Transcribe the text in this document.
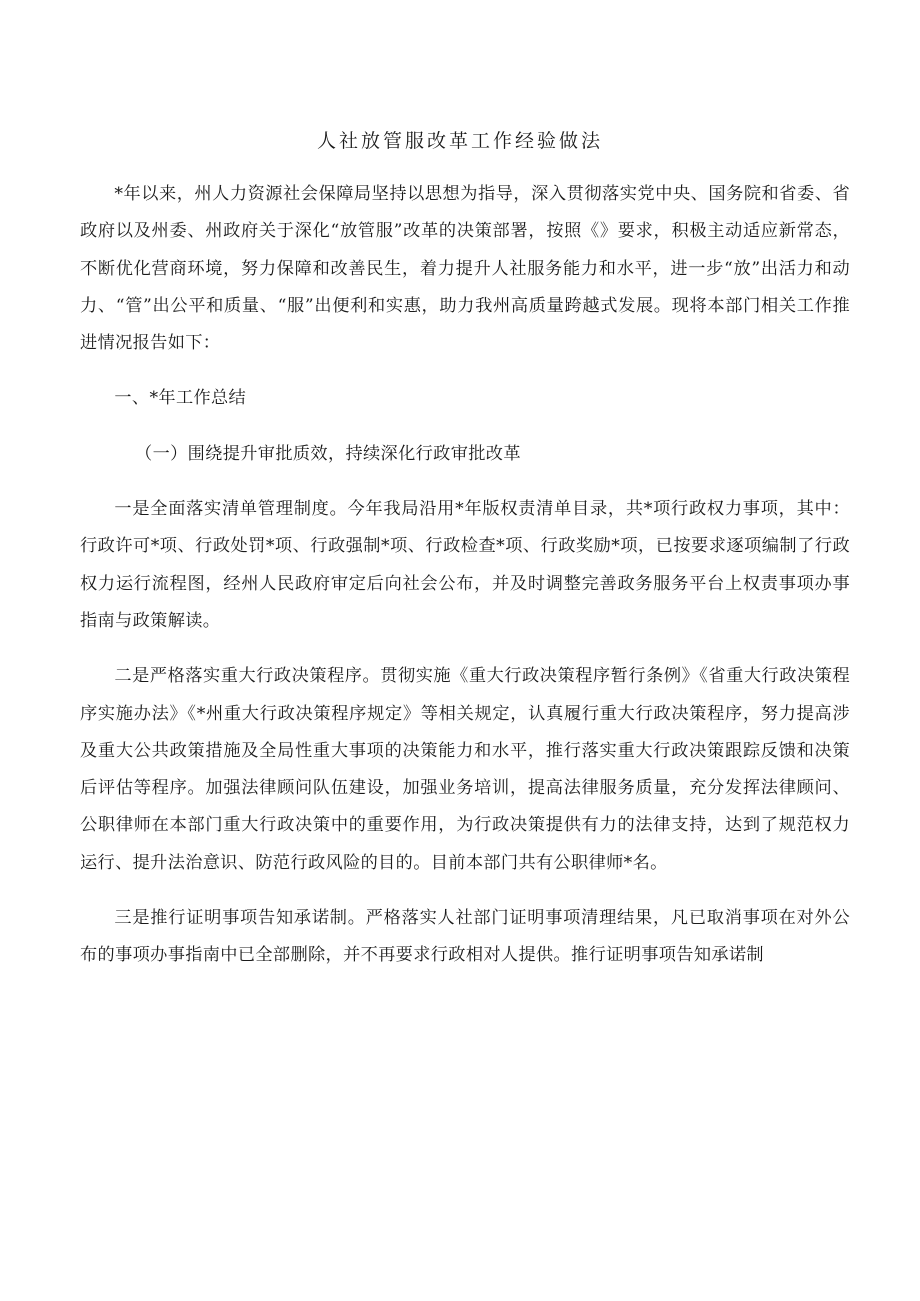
人社放管服改革工作经验做法

*年以来，州人力资源社会保障局坚持以思想为指导，深入贯彻落实党中央、国务院和省委、省政府以及州委、州政府关于深化“放管服”改革的决策部署，按照《》要求，积极主动适应新常态，不断优化营商环境，努力保障和改善民生，着力提升人社服务能力和水平，进一步“放”出活力和动力、“管”出公平和质量、“服”出便利和实惠，助力我州高质量跨越式发展。现将本部门相关工作推进情况报告如下：

一、*年工作总结

（一）围绕提升审批质效，持续深化行政审批改革

一是全面落实清单管理制度。今年我局沿用*年版权责清单目录，共*项行政权力事项，其中：行政许可*项、行政处罚*项、行政强制*项、行政检查*项、行政奖励*项，已按要求逐项编制了行政权力运行流程图，经州人民政府审定后向社会公布，并及时调整完善政务服务平台上权责事项办事指南与政策解读。

二是严格落实重大行政决策程序。贯彻实施《重大行政决策程序暂行条例》《省重大行政决策程序实施办法》《*州重大行政决策程序规定》等相关规定，认真履行重大行政决策程序，努力提高涉及重大公共政策措施及全局性重大事项的决策能力和水平，推行落实重大行政决策跟踪反馈和决策后评估等程序。加强法律顾问队伍建设，加强业务培训，提高法律服务质量，充分发挥法律顾问、公职律师在本部门重大行政决策中的重要作用，为行政决策提供有力的法律支持，达到了规范权力运行、提升法治意识、防范行政风险的目的。目前本部门共有公职律师*名。

三是推行证明事项告知承诺制。严格落实人社部门证明事项清理结果，凡已取消事项在对外公布的事项办事指南中已全部删除，并不再要求行政相对人提供。推行证明事项告知承诺制
